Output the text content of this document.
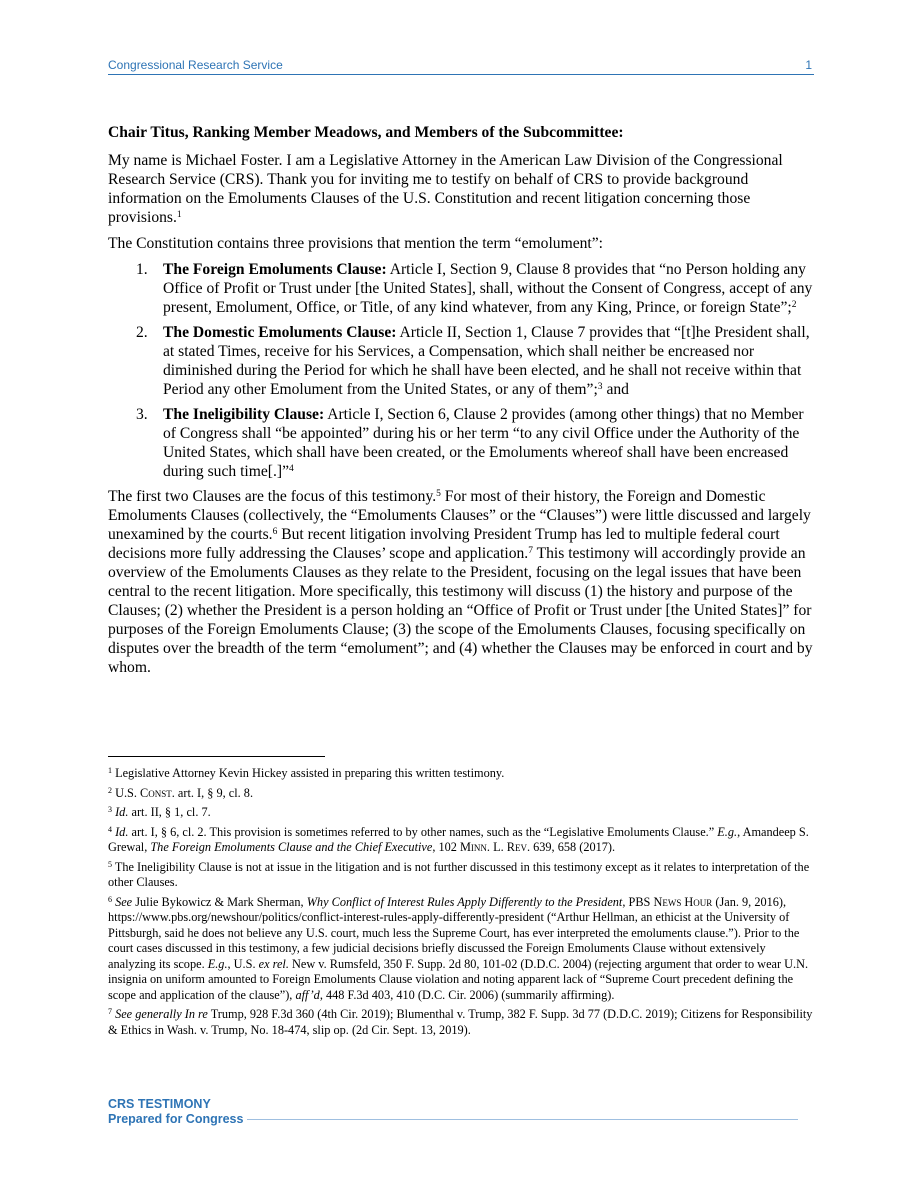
Congressional Research Service	1

Chair Titus, Ranking Member Meadows, and Members of the Subcommittee:

My name is Michael Foster. I am a Legislative Attorney in the American Law Division of the Congressional Research Service (CRS). Thank you for inviting me to testify on behalf of CRS to provide background information on the Emoluments Clauses of the U.S. Constitution and recent litigation concerning those provisions.$^1$

The Constitution contains three provisions that mention the term “emolument”:

1. The Foreign Emoluments Clause: Article I, Section 9, Clause 8 provides that “no Person holding any Office of Profit or Trust under [the United States], shall, without the Consent of Congress, accept of any present, Emolument, Office, or Title, of any kind whatever, from any King, Prince, or foreign State”;$^2$
2. The Domestic Emoluments Clause: Article II, Section 1, Clause 7 provides that “[t]he President shall, at stated Times, receive for his Services, a Compensation, which shall neither be encreased nor diminished during the Period for which he shall have been elected, and he shall not receive within that Period any other Emolument from the United States, or any of them”;$^3$ and
3. The Ineligibility Clause: Article I, Section 6, Clause 2 provides (among other things) that no Member of Congress shall “be appointed” during his or her term “to any civil Office under the Authority of the United States, which shall have been created, or the Emoluments whereof shall have been encreased during such time[.]”$^4$

The first two Clauses are the focus of this testimony.$^5$ For most of their history, the Foreign and Domestic Emoluments Clauses (collectively, the “Emoluments Clauses” or the “Clauses”) were little discussed and largely unexamined by the courts.$^6$ But recent litigation involving President Trump has led to multiple federal court decisions more fully addressing the Clauses’ scope and application.$^7$ This testimony will accordingly provide an overview of the Emoluments Clauses as they relate to the President, focusing on the legal issues that have been central to the recent litigation. More specifically, this testimony will discuss (1) the history and purpose of the Clauses; (2) whether the President is a person holding an “Office of Profit or Trust under [the United States]” for purposes of the Foreign Emoluments Clause; (3) the scope of the Emoluments Clauses, focusing specifically on disputes over the breadth of the term “emolument”; and (4) whether the Clauses may be enforced in court and by whom.

$^1$ Legislative Attorney Kevin Hickey assisted in preparing this written testimony.

$^2$ U.S. Const. art. I, § 9, cl. 8.

$^3$ Id. art. II, § 1, cl. 7.

$^4$ Id. art. I, § 6, cl. 2. This provision is sometimes referred to by other names, such as the “Legislative Emoluments Clause.” E.g., Amandeep S. Grewal, The Foreign Emoluments Clause and the Chief Executive, 102 Minn. L. Rev. 639, 658 (2017).

$^5$ The Ineligibility Clause is not at issue in the litigation and is not further discussed in this testimony except as it relates to interpretation of the other Clauses.

$^6$ See Julie Bykowicz & Mark Sherman, Why Conflict of Interest Rules Apply Differently to the President, PBS News Hour (Jan. 9, 2016), https://www.pbs.org/newshour/politics/conflict-interest-rules-apply-differently-president (“Arthur Hellman, an ethicist at the University of Pittsburgh, said he does not believe any U.S. court, much less the Supreme Court, has ever interpreted the emoluments clause.”). Prior to the court cases discussed in this testimony, a few judicial decisions briefly discussed the Foreign Emoluments Clause without extensively analyzing its scope. E.g., U.S. ex rel. New v. Rumsfeld, 350 F. Supp. 2d 80, 101-02 (D.D.C. 2004) (rejecting argument that order to wear U.N. insignia on uniform amounted to Foreign Emoluments Clause violation and noting apparent lack of “Supreme Court precedent defining the scope and application of the clause”), aff’d, 448 F.3d 403, 410 (D.C. Cir. 2006) (summarily affirming).

$^7$ See generally In re Trump, 928 F.3d 360 (4th Cir. 2019); Blumenthal v. Trump, 382 F. Supp. 3d 77 (D.D.C. 2019); Citizens for Responsibility & Ethics in Wash. v. Trump, No. 18-474, slip op. (2d Cir. Sept. 13, 2019).

CRS TESTIMONY
Prepared for Congress
